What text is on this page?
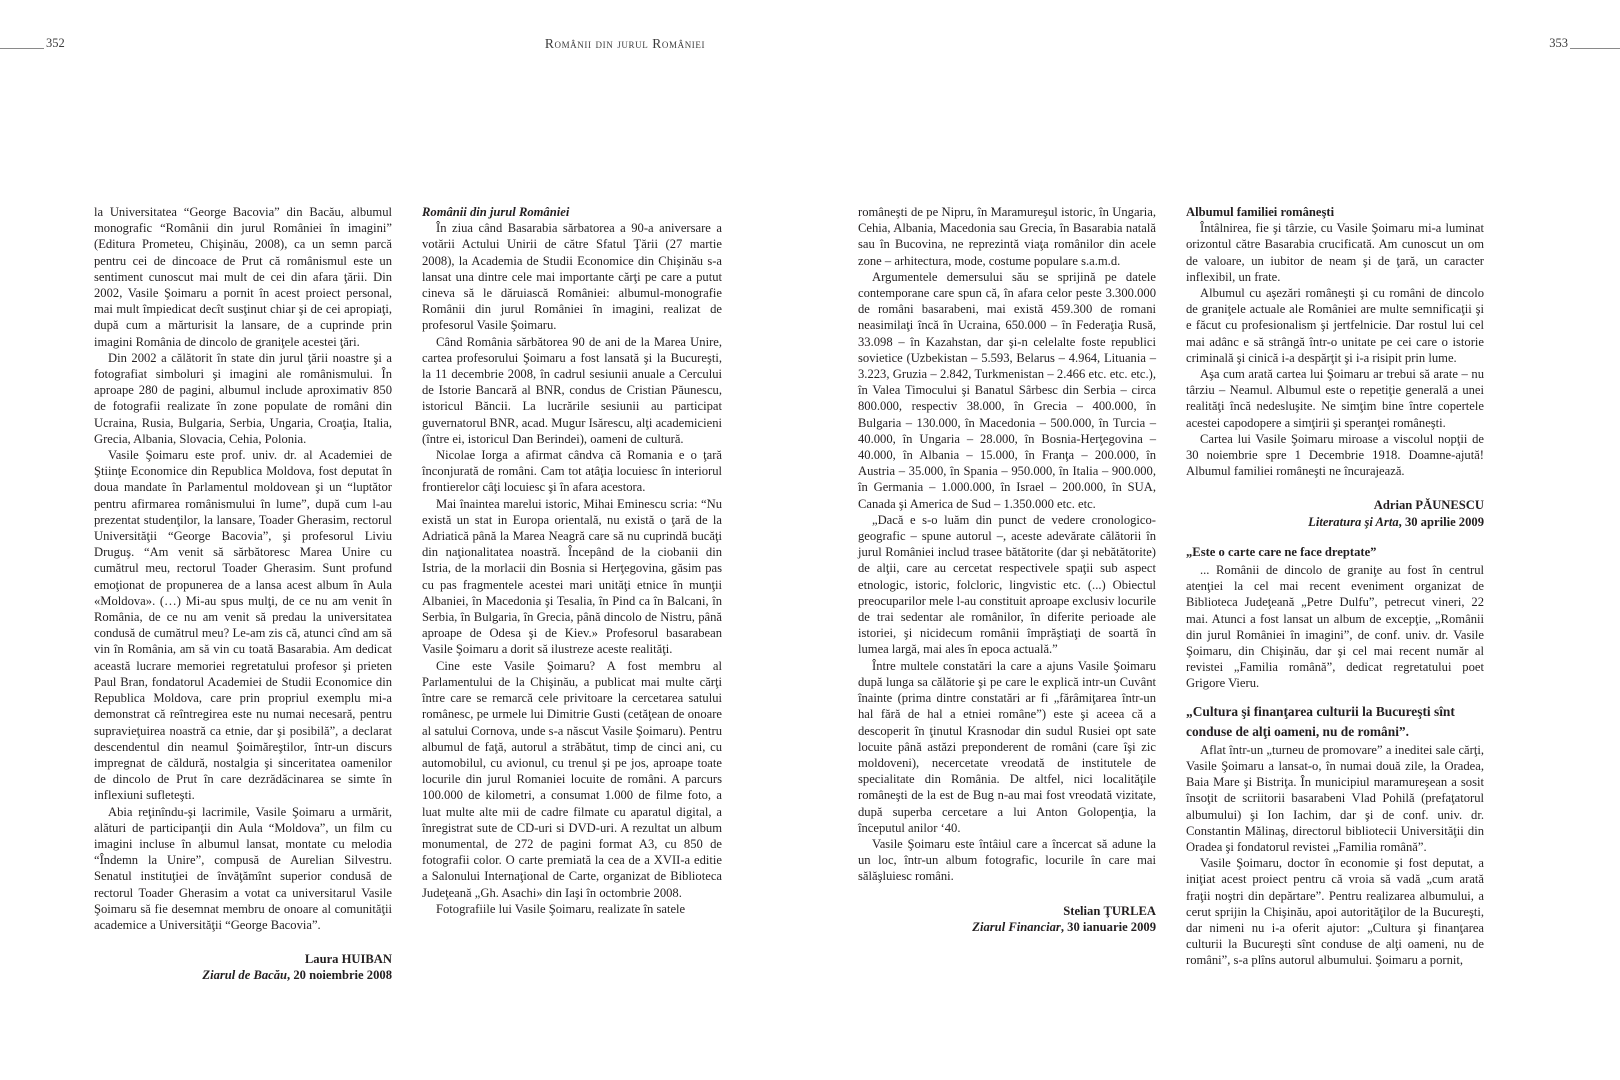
352	Românii din jurul României	353

la Universitatea “George Bacovia” din Bacău, albumul monografic “Românii din jurul României în imagini” (Editura Prometeu, Chişinău, 2008), ca un semn parcă pentru cei de dincoace de Prut că românismul este un sentiment cunoscut mai mult de cei din afara ţării. Din 2002, Vasile Şoimaru a pornit în acest proiect personal, mai mult împiedicat decît susţinut chiar şi de cei apropiaţi, după cum a mărturisit la lansare, de a cuprinde prin imagini România de dincolo de graniţele acestei ţări.

Din 2002 a călătorit în state din jurul ţării noastre şi a fotografiat simboluri şi imagini ale românismului. În aproape 280 de pagini, albumul include aproximativ 850 de fotografii realizate în zone populate de români din Ucraina, Rusia, Bulgaria, Serbia, Ungaria, Croaţia, Italia, Grecia, Albania, Slovacia, Cehia, Polonia.

Vasile Şoimaru este prof. univ. dr. al Academiei de Ştiinţe Economice din Republica Moldova, fost deputat în doua mandate în Parlamentul moldovean şi un “luptător pentru afirmarea românismului în lume”, după cum l-au prezentat studenţilor, la lansare, Toader Gherasim, rectorul Universităţii “George Bacovia”, şi profesorul Liviu Druguş. “Am venit să sărbătoresc Marea Unire cu cumătrul meu, rectorul Toader Gherasim. Sunt profund emoţionat de propunerea de a lansa acest album în Aula «Moldova». (…) Mi-au spus mulţi, de ce nu am venit în România, de ce nu am venit să predau la universitatea condusă de cumătrul meu? Le-am zis că, atunci cînd am să vin în România, am să vin cu toată Basarabia. Am dedicat această lucrare memoriei regretatului profesor şi prieten Paul Bran, fondatorul Academiei de Studii Economice din Republica Moldova, care prin propriul exemplu mi-a demonstrat că reîntregirea este nu numai necesară, pentru supravieţuirea noastră ca etnie, dar şi posibilă”, a declarat descendentul din neamul Şoimăreştilor, într-un discurs impregnat de căldură, nostalgia şi sinceritatea oamenilor de dincolo de Prut în care dezrădăcinarea se simte în inflexiuni sufleteşti.

Abia reţinîndu-şi lacrimile, Vasile Şoimaru a urmărit, alături de participanţii din Aula “Moldova”, un film cu imagini incluse în albumul lansat, montate cu melodia “Îndemn la Unire”, compusă de Aurelian Silvestru. Senatul instituţiei de învăţămînt superior condusă de rectorul Toader Gherasim a votat ca universitarul Vasile Şoimaru să fie desemnat membru de onoare al comunităţii academice a Universităţii “George Bacovia”.

Laura HUIBAN
Ziarul de Bacău, 20 noiembrie 2008
Românii din jurul României

În ziua când Basarabia sărbatorea a 90-a aniversare a votării Actului Unirii de către Sfatul Ţării (27 martie 2008), la Academia de Studii Economice din Chişinău s-a lansat una dintre cele mai importante cărţi pe care a putut cineva să le dăruiască României: albumul-monografie Românii din jurul României în imagini, realizat de profesorul Vasile Şoimaru.

Când România sărbătorea 90 de ani de la Marea Unire, cartea profesorului Şoimaru a fost lansată şi la Bucureşti, la 11 decembrie 2008, în cadrul sesiunii anuale a Cercului de Istorie Bancară al BNR, condus de Cristian Păunescu, istoricul Băncii. La lucrările sesiunii au participat guvernatorul BNR, acad. Mugur Isărescu, alţi academicieni (între ei, istoricul Dan Berindei), oameni de cultură.

Nicolae Iorga a afirmat cândva că Romania e o ţară înconjurată de români. Cam tot atâţia locuiesc în interiorul frontierelor câţi locuiesc şi în afara acestora.

Mai înaintea marelui istoric, Mihai Eminescu scria: “Nu există un stat in Europa orientală, nu există o ţară de la Adriatică până la Marea Neagră care să nu cuprindă bucăţi din naţionalitatea noastră. Începând de la ciobanii din Istria, de la morlacii din Bosnia si Herţegovina, găsim pas cu pas fragmentele acestei mari unităţi etnice în munţii Albaniei, în Macedonia şi Tesalia, în Pind ca în Balcani, în Serbia, în Bulgaria, în Grecia, până dincolo de Nistru, până aproape de Odesa şi de Kiev.» Profesorul basarabean Vasile Şoimaru a dorit să ilustreze aceste realităţi.

Cine este Vasile Şoimaru? A fost membru al Parlamentului de la Chişinău, a publicat mai multe cărţi între care se remarcă cele privitoare la cercetarea satului românesc, pe urmele lui Dimitrie Gusti (cetăţean de onoare al satului Cornova, unde s-a născut Vasile Şoimaru). Pentru albumul de faţă, autorul a străbătut, timp de cinci ani, cu automobilul, cu avionul, cu trenul şi pe jos, aproape toate locurile din jurul Romaniei locuite de români. A parcurs 100.000 de kilometri, a consumat 1.000 de filme foto, a luat multe alte mii de cadre filmate cu aparatul digital, a înregistrat sute de CD-uri si DVD-uri. A rezultat un album monumental, de 272 de pagini format A3, cu 850 de fotografii color. O carte premiată la cea de a XVII-a editie a Salonului Internaţional de Carte, organizat de Biblioteca Judeţeană „Gh. Asachi» din Iaşi în octombrie 2008.

Fotografiile lui Vasile Şoimaru, realizate în satele

româneşti de pe Nipru, în Maramureşul istoric, în Ungaria, Cehia, Albania, Macedonia sau Grecia, în Basarabia natală sau în Bucovina, ne reprezintă viaţa românilor din acele zone – arhitectura, mode, costume populare s.a.m.d.

Argumentele demersului său se sprijină pe datele contemporane care spun că, în afara celor peste 3.300.000 de români basarabeni, mai există 459.300 de romani neasimilaţi încă în Ucraina, 650.000 – în Federaţia Rusă, 33.098 – în Kazahstan, dar şi-n celelalte foste republici sovietice (Uzbekistan – 5.593, Belarus – 4.964, Lituania – 3.223, Gruzia – 2.842, Turkmenistan – 2.466 etc. etc. etc.), în Valea Timocului şi Banatul Sârbesc din Serbia – circa 800.000, respectiv 38.000, în Grecia – 400.000, în Bulgaria – 130.000, în Macedonia – 500.000, în Turcia – 40.000, în Ungaria – 28.000, în Bosnia-Herţegovina – 40.000, în Albania – 15.000, în Franţa – 200.000, în Austria – 35.000, în Spania – 950.000, în Italia – 900.000, în Germania – 1.000.000, în Israel – 200.000, în SUA, Canada şi America de Sud – 1.350.000 etc. etc.

„Dacă e s-o luăm din punct de vedere cronologico-geografic – spune autorul –, aceste adevărate călătorii în jurul României includ trasee bătătorite (dar şi nebătătorite) de alţii, care au cercetat respectivele spaţii sub aspect etnologic, istoric, folcloric, lingvistic etc. (...) Obiectul preocuparilor mele l-au constituit aproape exclusiv locurile de trai sedentar ale românilor, în diferite perioade ale istoriei, şi nicidecum românii împrăştiaţi de soartă în lumea largă, mai ales în epoca actuală.”

Între multele constatări la care a ajuns Vasile Şoimaru după lunga sa călătorie şi pe care le explică intr-un Cuvânt înainte (prima dintre constatări ar fi „fărâmiţarea într-un hal fără de hal a etniei române”) este şi aceea că a descoperit în ţinutul Krasnodar din sudul Rusiei opt sate locuite până astăzi preponderent de români (care îşi zic moldoveni), necercetate vreodată de institutele de specialitate din România. De altfel, nici localităţile româneşti de la est de Bug n-au mai fost vreodată vizitate, după superba cercetare a lui Anton Golopenţia, la începutul anilor ‘40.

Vasile Şoimaru este întâiul care a încercat să adune la un loc, într-un album fotografic, locurile în care mai sălăşluiesc români.

Stelian ŢURLEA
Ziarul Financiar, 30 ianuarie 2009
Albumul familiei româneşti

Întâlnirea, fie şi târzie, cu Vasile Şoimaru mi-a luminat orizontul către Basarabia crucificată. Am cunoscut un om de valoare, un iubitor de neam şi de ţară, un caracter inflexibil, un frate.

Albumul cu aşezări româneşti şi cu români de dincolo de graniţele actuale ale României are multe semnificaţii şi e făcut cu profesionalism şi jertfelnicie. Dar rostul lui cel mai adânc e să strângă într-o unitate pe cei care o istorie criminală şi cinică i-a despărţit şi i-a risipit prin lume.

Aşa cum arată cartea lui Şoimaru ar trebui să arate – nu târziu – Neamul. Albumul este o repetiţie generală a unei realităţi încă nedesluşite. Ne simţim bine între copertele acestei capodopere a simţirii şi speranţei româneşti.

Cartea lui Vasile Şoimaru miroase a viscolul nopţii de 30 noiembrie spre 1 Decembrie 1918. Doamne-ajută! Albumul familiei româneşti ne încurajează.

Adrian PĂUNESCU
Literatura şi Arta, 30 aprilie 2009
„Este o carte care ne face dreptate”

... Românii de dincolo de graniţe au fost în centrul atenţiei la cel mai recent eveniment organizat de Biblioteca Judeţeană „Petre Dulfu”, petrecut vineri, 22 mai. Atunci a fost lansat un album de excepţie, „Românii din jurul României în imagini”, de conf. univ. dr. Vasile Şoimaru, din Chişinău, dar şi cel mai recent număr al revistei „Familia română”, dedicat regretatului poet Grigore Vieru.

„Cultura şi finanţarea culturii la Bucureşti sînt conduse de alţi oameni, nu de români”.

Aflat într-un „turneu de promovare” a ineditei sale cărţi, Vasile Şoimaru a lansat-o, în numai două zile, la Oradea, Baia Mare şi Bistriţa. În municipiul maramureşean a sosit însoţit de scriitorii basarabeni Vlad Pohilă (prefaţatorul albumului) şi Ion Iachim, dar şi de conf. univ. dr. Constantin Mălinaş, directorul bibliotecii Universităţii din Oradea şi fondatorul revistei „Familia română”.

Vasile Şoimaru, doctor în economie şi fost deputat, a iniţiat acest proiect pentru că vroia să vadă „cum arată fraţii noştri din depărtare”. Pentru realizarea albumului, a cerut sprijin la Chişinău, apoi autorităţilor de la Bucureşti, dar nimeni nu i-a oferit ajutor: „Cultura şi finanţarea culturii la Bucureşti sînt conduse de alţi oameni, nu de români”, s-a plîns autorul albumului. Şoimaru a pornit,
